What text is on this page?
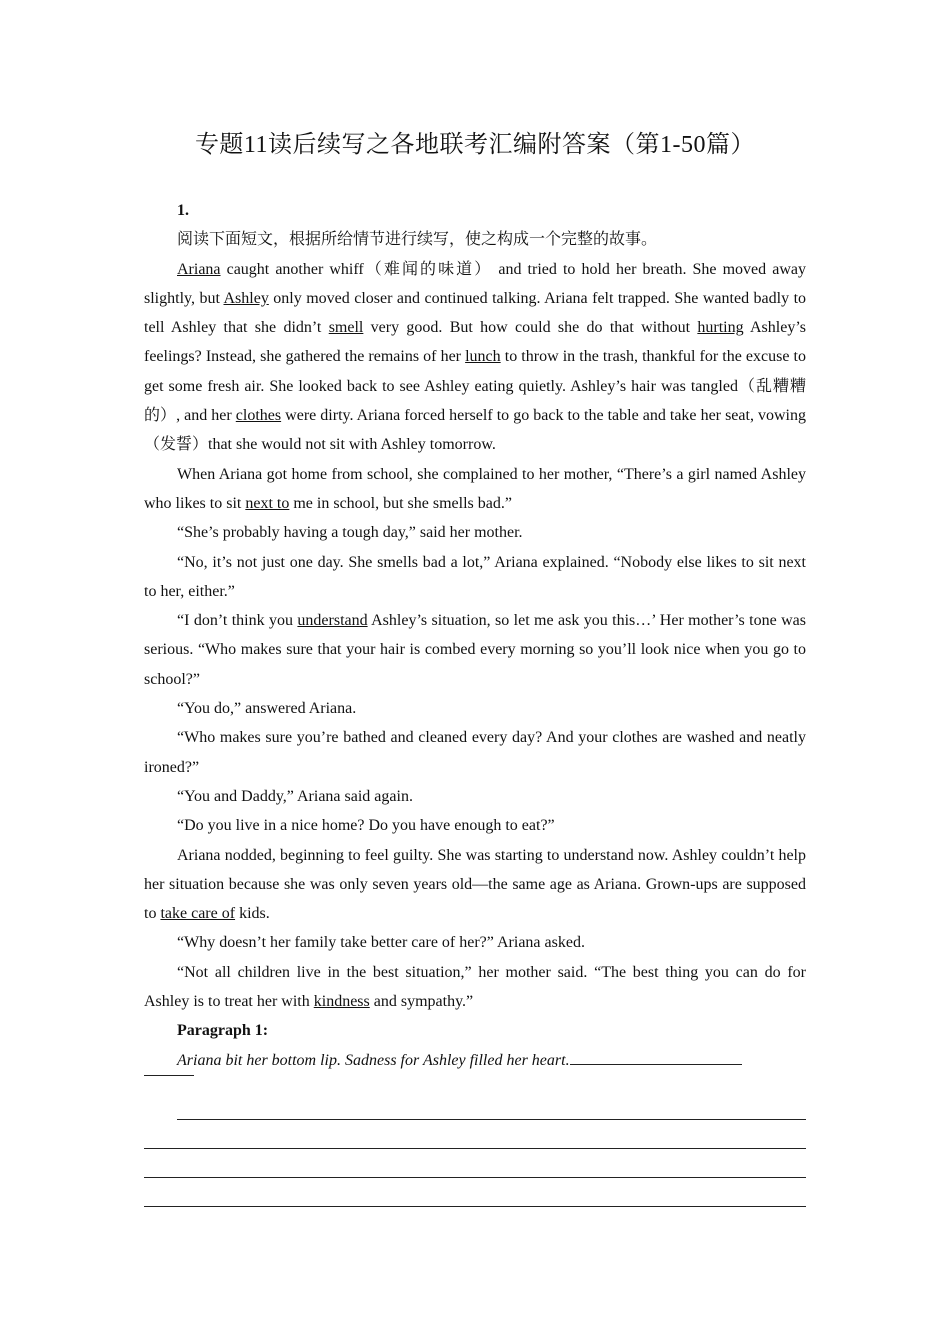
专题11读后续写之各地联考汇编附答案（第1-50篇）

1.

阅读下面短文，根据所给情节进行续写，使之构成一个完整的故事。

Ariana caught another whiff（难闻的味道） and tried to hold her breath. She moved away slightly, but Ashley only moved closer and continued talking. Ariana felt trapped. She wanted badly to tell Ashley that she didn’t smell very good. But how could she do that without hurting Ashley’s feelings? Instead, she gathered the remains of her lunch to throw in the trash, thankful for the excuse to get some fresh air. She looked back to see Ashley eating quietly. Ashley’s hair was tangled（乱糟糟的）, and her clothes were dirty. Ariana forced herself to go back to the table and take her seat, vowing（发誓）that she would not sit with Ashley tomorrow.

When Ariana got home from school, she complained to her mother, “There’s a girl named Ashley who likes to sit next to me in school, but she smells bad.”

“She’s probably having a tough day,” said her mother.

“No, it’s not just one day. She smells bad a lot,” Ariana explained. “Nobody else likes to sit next to her, either.”

“I don’t think you understand Ashley’s situation, so let me ask you this…’ Her mother’s tone was serious. “Who makes sure that your hair is combed every morning so you’ll look nice when you go to school?”

“You do,” answered Ariana.

“Who makes sure you’re bathed and cleaned every day? And your clothes are washed and neatly ironed?”

“You and Daddy,” Ariana said again.

“Do you live in a nice home? Do you have enough to eat?”

Ariana nodded, beginning to feel guilty. She was starting to understand now. Ashley couldn’t help her situation because she was only seven years old—the same age as Ariana. Grown-ups are supposed to take care of kids.

“Why doesn’t her family take better care of her?” Ariana asked.

“Not all children live in the best situation,” her mother said. “The best thing you can do for Ashley is to treat her with kindness and sympathy.”

Paragraph 1:

Ariana bit her bottom lip. Sadness for Ashley filled her heart.
